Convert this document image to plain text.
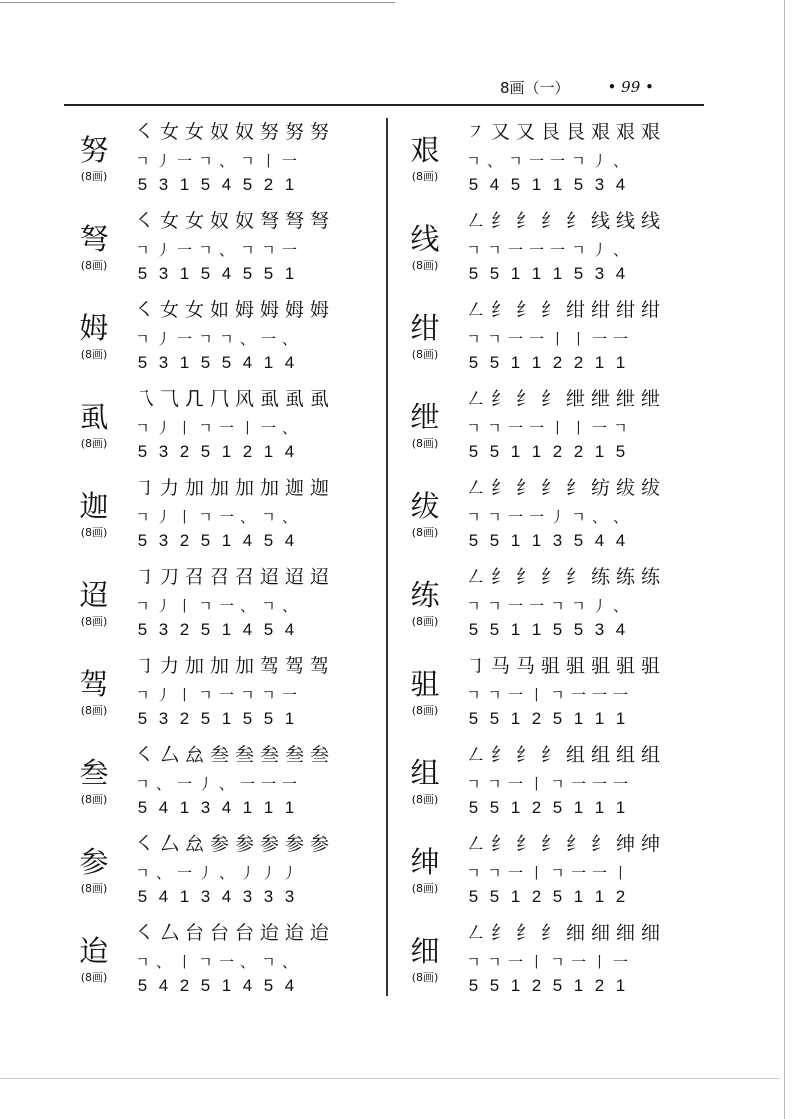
8画（一）	• 99 •
努
(8画)
㇛ 女 女 奴 奴 努 努 努
ㄱ 丿 一 ㄱ 、 ㄱ 丨 一
5 3 1 5 4 5 2 1
弩
(8画)
㇛ 女 女 奴 奴 弩 弩 弩
ㄱ 丿 一 ㄱ 、 ㄱ ㄱ 一
5 3 1 5 4 5 5 1
姆
(8画)
㇛ 女 女 如 姆 姆 姆 姆
ㄱ 丿 一 ㄱ ㄱ 、 一 、
5 3 1 5 5 4 1 4
虱
(8画)
乁 ⺄ 𠘧 𠘨 风 虱 虱 虱
ㄱ 丿 丨 ㄱ 一 丨 一 、
5 3 2 5 1 2 1 4
迦
(8画)
㇆ 力 加 加 加 加 迦 迦
ㄱ 丿 丨 ㄱ 一 、 ㄱ 、
5 3 2 5 1 4 5 4
迢
(8画)
㇆ 刀 召 召 召 迢 迢 迢
ㄱ 丿 丨 ㄱ 一 、 ㄱ 、
5 3 2 5 1 4 5 4
驾
(8画)
㇆ 力 加 加 加 驾 驾 驾
ㄱ 丿 丨 ㄱ 一 ㄱ ㄱ 一
5 3 2 5 1 5 5 1
叁
(8画)
㇛ 厶 厽 叁 叁 叁 叁 叁
ㄱ 、 一 丿 、 一 一 一
5 4 1 3 4 1 1 1
参
(8画)
㇛ 厶 厽 参 参 参 参 参
ㄱ 、 一 丿 、 丿 丿 丿
5 4 1 3 4 3 3 3
迨
(8画)
㇛ 厶 台 台 台 迨 迨 迨
ㄱ 、 丨 ㄱ 一 、 ㄱ 、
5 4 2 5 1 4 5 4
艰
(8画)
㇇ 又 又 艮 艮 艰 艰 艰
ㄱ 、 ㄱ 一 一 ㄱ 丿 、
5 4 5 1 1 5 3 4
线
(8画)
㇜ 纟 纟 纟 纟 线 线 线
ㄱ ㄱ 一 一 一 ㄱ 丿 、
5 5 1 1 1 5 3 4
绀
(8画)
㇜ 纟 纟 纟 绀 绀 绀 绀
ㄱ ㄱ 一 一 丨 丨 一 一
5 5 1 1 2 2 1 1
绁
(8画)
㇜ 纟 纟 纟 绁 绁 绁 绁
ㄱ ㄱ 一 一 丨 丨 一 ㄱ
5 5 1 1 2 2 1 5
绂
(8画)
㇜ 纟 纟 纟 纟 纺 绂 绂
ㄱ ㄱ 一 一 丿 ㄱ 、 、
5 5 1 1 3 5 4 4
练
(8画)
㇜ 纟 纟 纟 纟 练 练 练
ㄱ ㄱ 一 一 ㄱ ㄱ 丿 、
5 5 1 1 5 5 3 4
驵
(8画)
㇆ 马 马 驵 驵 驵 驵 驵
ㄱ ㄱ 一 丨 ㄱ 一 一 一
5 5 1 2 5 1 1 1
组
(8画)
㇜ 纟 纟 纟 组 组 组 组
ㄱ ㄱ 一 丨 ㄱ 一 一 一
5 5 1 2 5 1 1 1
绅
(8画)
㇜ 纟 纟 纟 纟 纟 绅 绅
ㄱ ㄱ 一 丨 ㄱ 一 一 丨
5 5 1 2 5 1 1 2
细
(8画)
㇜ 纟 纟 纟 细 细 细 细
ㄱ ㄱ 一 丨 ㄱ 一 丨 一
5 5 1 2 5 1 2 1
